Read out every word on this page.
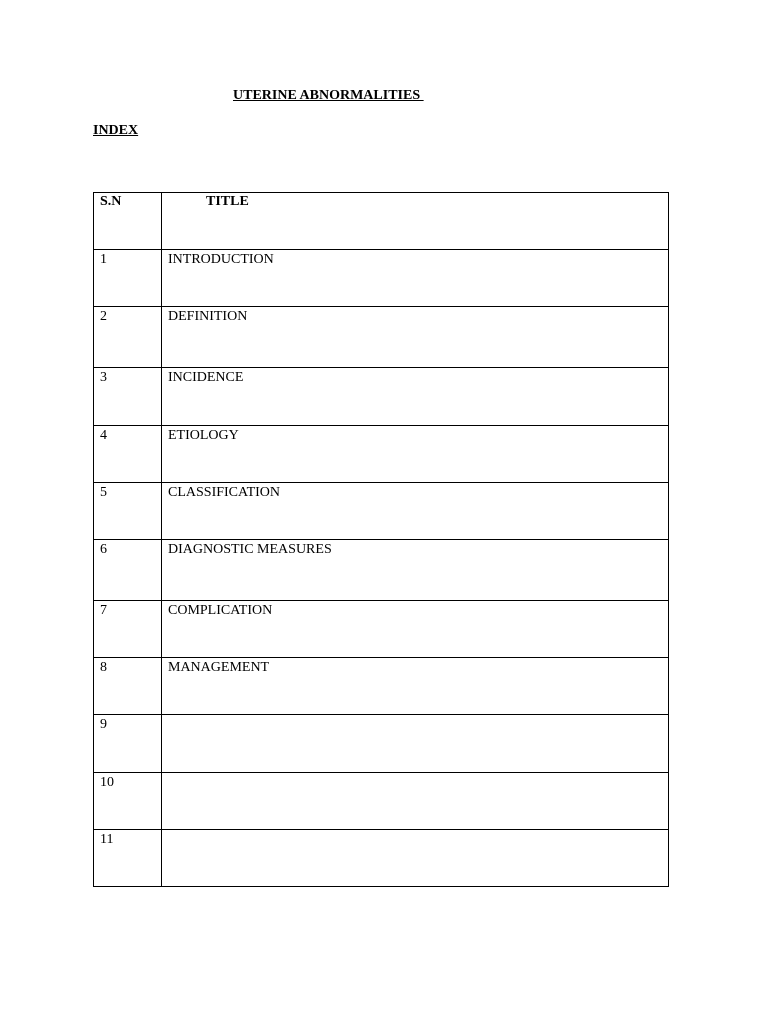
UTERINE ABNORMALITIES
INDEX
S.N	TITLE
1	INTRODUCTION
2	DEFINITION
3	INCIDENCE
4	ETIOLOGY
5	CLASSIFICATION
6	DIAGNOSTIC MEASURES
7	COMPLICATION
8	MANAGEMENT
9	
10	
11	
